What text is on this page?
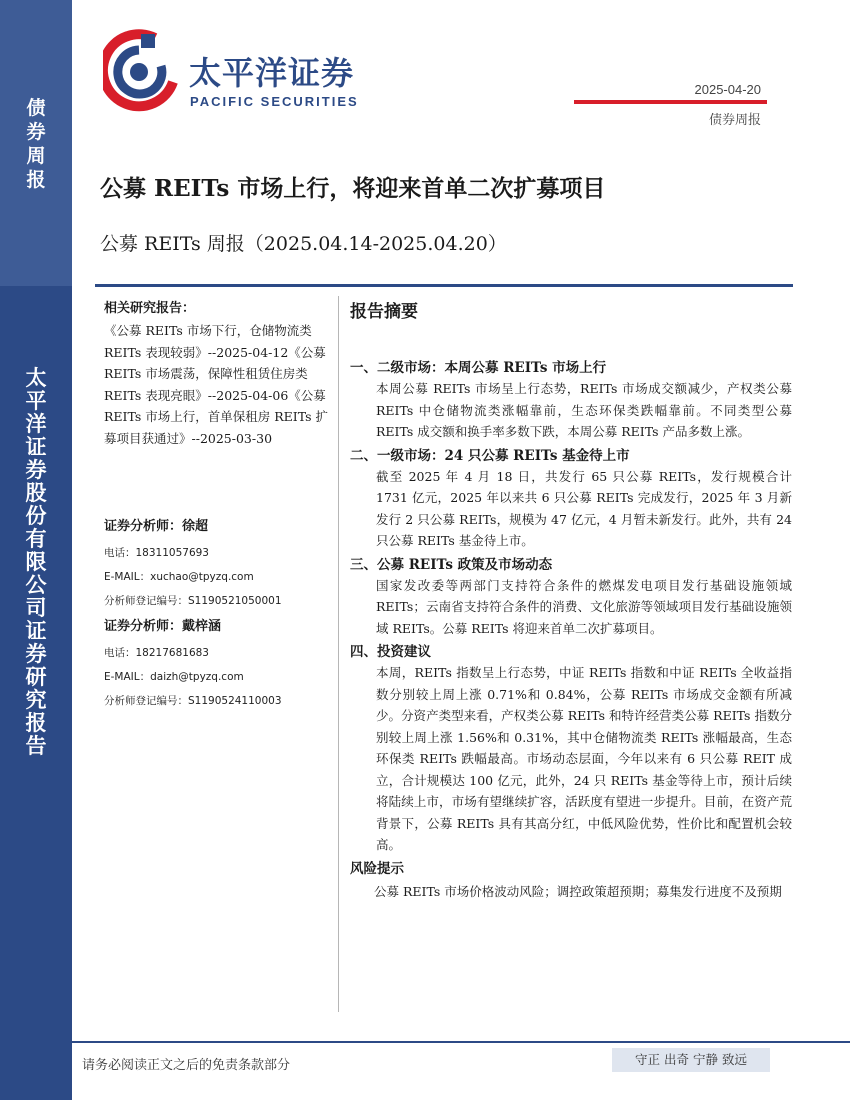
债
券
周
报
太
平
洋
证
券
股
份
有
限
公
司
证
券
研
究
报
告
太平洋证券
PACIFIC SECURITIES
2025-04-20
债券周报
公募 REITs 市场上行，将迎来首单二次扩募项目
公募 REITs 周报（2025.04.14-2025.04.20）
相关研究报告：
《公募 REITs 市场下行，仓储物流类 REITs 表现较弱》--2025-04-12《公募 REITs 市场震荡，保障性租赁住房类 REITs 表现亮眼》--2025-04-06《公募 REITs 市场上行，首单保租房 REITs 扩募项目获通过》--2025-03-30
证券分析师：徐超
电话：18311057693
E-MAIL：xuchao@tpyzq.com
分析师登记编号：S1190521050001
证券分析师：戴梓涵
电话：18217681683
E-MAIL：daizh@tpyzq.com
分析师登记编号：S1190524110003
报告摘要
一、二级市场：本周公募 REITs 市场上行
本周公募 REITs 市场呈上行态势，REITs 市场成交额减少，产权类公募 REITs 中仓储物流类涨幅靠前，生态环保类跌幅靠前。不同类型公募 REITs 成交额和换手率多数下跌，本周公募 REITs 产品多数上涨。
二、一级市场：24 只公募 REITs 基金待上市
截至 2025 年 4 月 18 日，共发行 65 只公募 REITs，发行规模合计 1731 亿元，2025 年以来共 6 只公募 REITs 完成发行，2025 年 3 月新发行 2 只公募 REITs，规模为 47 亿元，4 月暂未新发行。此外，共有 24 只公募 REITs 基金待上市。
三、公募 REITs 政策及市场动态
国家发改委等两部门支持符合条件的燃煤发电项目发行基础设施领域 REITs；云南省支持符合条件的消费、文化旅游等领域项目发行基础设施领域 REITs。公募 REITs 将迎来首单二次扩募项目。
四、投资建议
本周，REITs 指数呈上行态势，中证 REITs 指数和中证 REITs 全收益指数分别较上周上涨 0.71%和 0.84%，公募 REITs 市场成交金额有所减少。分资产类型来看，产权类公募 REITs 和特许经营类公募 REITs 指数分别较上周上涨 1.56%和 0.31%，其中仓储物流类 REITs 涨幅最高，生态环保类 REITs 跌幅最高。市场动态层面，今年以来有 6 只公募 REIT 成立，合计规模达 100 亿元，此外，24 只 REITs 基金等待上市，预计后续将陆续上市，市场有望继续扩容，活跃度有望进一步提升。目前，在资产荒背景下，公募 REITs 具有其高分红，中低风险优势，性价比和配置机会较高。
风险提示
公募 REITs 市场价格波动风险；调控政策超预期；募集发行进度不及预期
请务必阅读正文之后的免责条款部分	守正 出奇 宁静 致远
